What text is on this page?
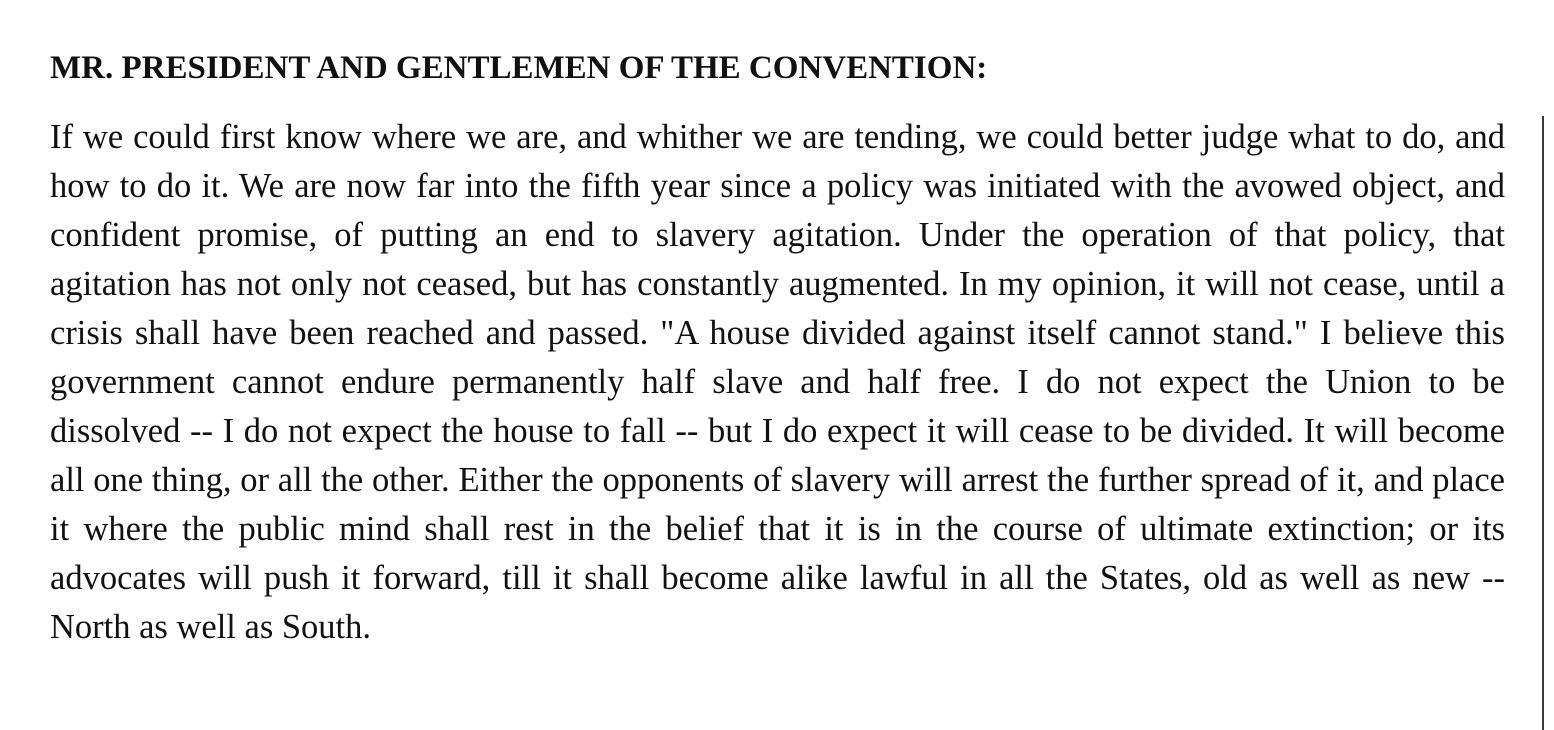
MR. PRESIDENT AND GENTLEMEN OF THE CONVENTION:

If we could first know where we are, and whither we are tending, we could better judge what to do, and how to do it. We are now far into the fifth year since a policy was initiated with the avowed object, and confident promise, of putting an end to slavery agitation. Under the operation of that policy, that agitation has not only not ceased, but has constantly augmented. In my opinion, it will not cease, until a crisis shall have been reached and passed. "A house divided against itself cannot stand." I believe this government cannot endure permanently half slave and half free. I do not expect the Union to be dissolved -- I do not expect the house to fall -- but I do expect it will cease to be divided. It will become all one thing, or all the other. Either the opponents of slavery will arrest the further spread of it, and place it where the public mind shall rest in the belief that it is in the course of ultimate extinction; or its advocates will push it forward, till it shall become alike lawful in all the States, old as well as new -- North as well as South.
